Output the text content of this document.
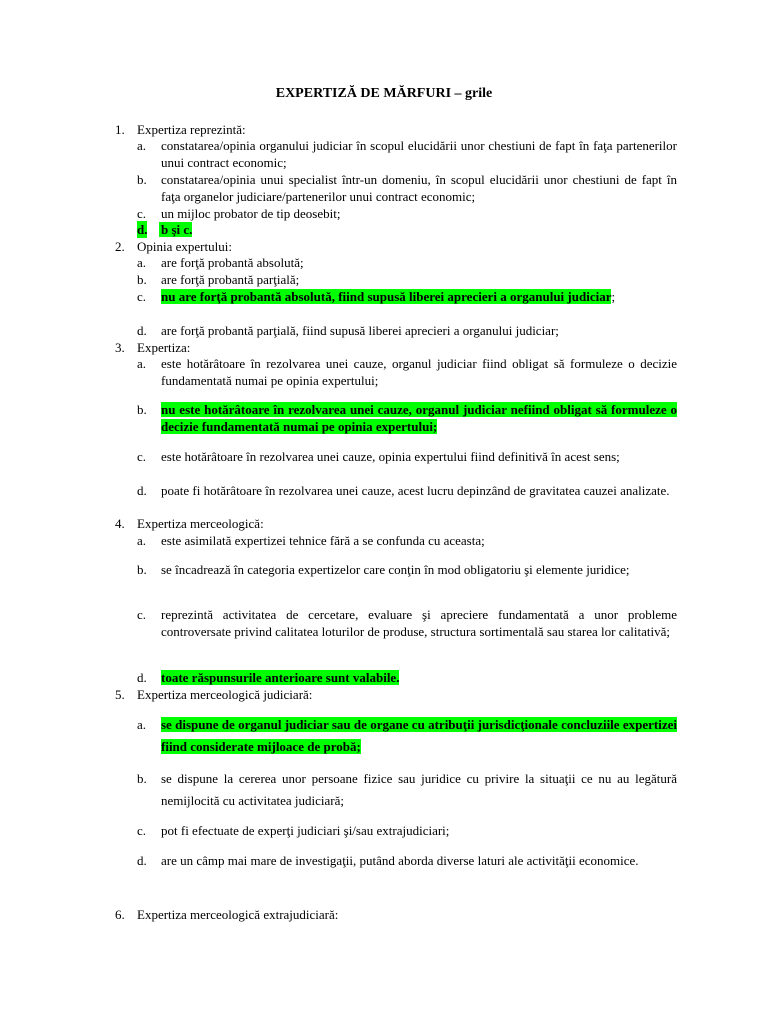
EXPERTIZĂ DE MĂRFURI – grile
1. Expertiza reprezintă:
a. constatarea/opinia organului judiciar în scopul elucidării unor chestiuni de fapt în faţa partenerilor unui contract economic;
b. constatarea/opinia unui specialist într-un domeniu, în scopul elucidării unor chestiuni de fapt în faţa organelor judiciare/partenerilor unui contract economic;
c. un mijloc probator de tip deosebit;
d. b şi c.
2. Opinia expertului:
a. are forţă probantă absolută;
b. are forţă probantă parţială;
c. nu are forţă probantă absolută, fiind supusă liberei aprecieri a organului judiciar;
d. are forţă probantă parţială, fiind supusă liberei aprecieri a organului judiciar;
3. Expertiza:
a. este hotărâtoare în rezolvarea unei cauze, organul judiciar fiind obligat să formuleze o decizie fundamentată numai pe opinia expertului;
b. nu este hotărâtoare în rezolvarea unei cauze, organul judiciar nefiind obligat să formuleze o decizie fundamentată numai pe opinia expertului;
c. este hotărâtoare în rezolvarea unei cauze, opinia expertului fiind definitivă în acest sens;
d. poate fi hotărâtoare în rezolvarea unei cauze, acest lucru depinzând de gravitatea cauzei analizate.
4. Expertiza merceologică:
a. este asimilată expertizei tehnice fără a se confunda cu aceasta;
b. se încadrează în categoria expertizelor care conţin în mod obligatoriu şi elemente juridice;
c. reprezintă activitatea de cercetare, evaluare şi apreciere fundamentată a unor probleme controversate privind calitatea loturilor de produse, structura sortimentală sau starea lor calitativă;
d. toate răspunsurile anterioare sunt valabile.
5. Expertiza merceologică judiciară:
a. se dispune de organul judiciar sau de organe cu atribuţii jurisdicţionale concluziile expertizei fiind considerate mijloace de probă;
b. se dispune la cererea unor persoane fizice sau juridice cu privire la situaţii ce nu au legătură nemijlocită cu activitatea judiciară;
c. pot fi efectuate de experţi judiciari şi/sau extrajudiciari;
d. are un câmp mai mare de investigaţii, putând aborda diverse laturi ale activităţii economice.
6. Expertiza merceologică extrajudiciară:
